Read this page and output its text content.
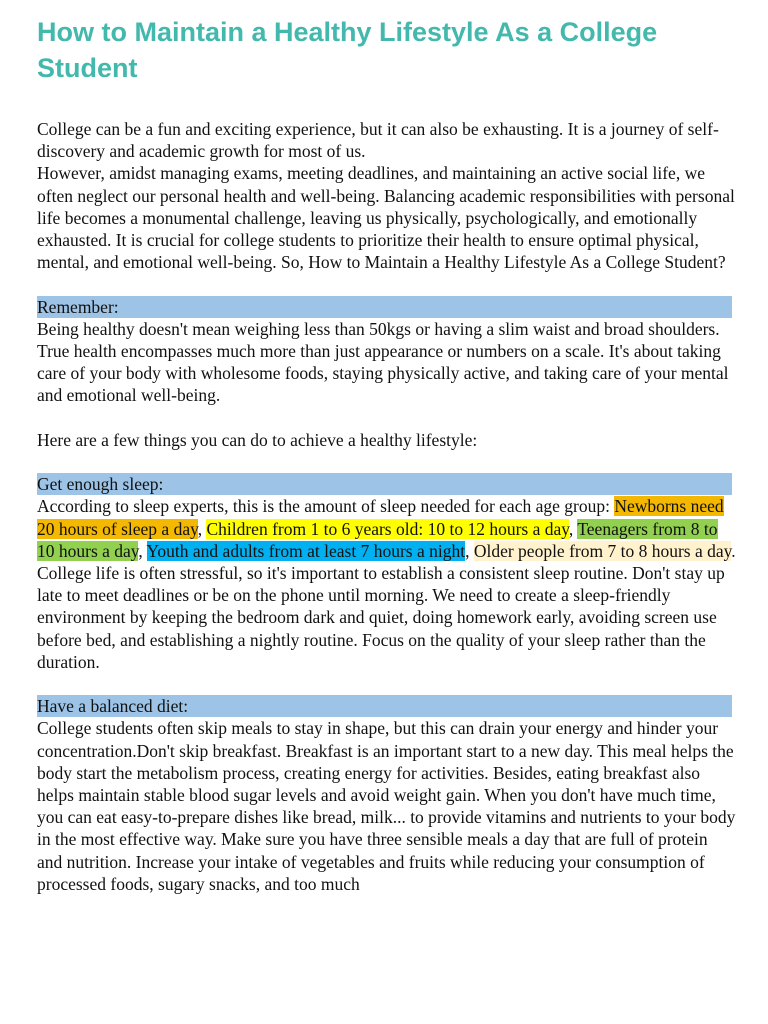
How to Maintain a Healthy Lifestyle As a College Student

College can be a fun and exciting experience, but it can also be exhausting. It is a journey of self-discovery and academic growth for most of us.

However, amidst managing exams, meeting deadlines, and maintaining an active social life, we often neglect our personal health and well-being. Balancing academic responsibilities with personal life becomes a monumental challenge, leaving us physically, psychologically, and emotionally exhausted. It is crucial for college students to prioritize their health to ensure optimal physical, mental, and emotional well-being. So, How to Maintain a Healthy Lifestyle As a College Student?

Remember:

Being healthy doesn't mean weighing less than 50kgs or having a slim waist and broad shoulders. True health encompasses much more than just appearance or numbers on a scale. It's about taking care of your body with wholesome foods, staying physically active, and taking care of your mental and emotional well-being.

Here are a few things you can do to achieve a healthy lifestyle:

Get enough sleep:

According to sleep experts, this is the amount of sleep needed for each age group: Newborns need 20 hours of sleep a day, Children from 1 to 6 years old: 10 to 12 hours a day, Teenagers from 8 to 10 hours a day, Youth and adults from at least 7 hours a night, Older people from 7 to 8 hours a day. College life is often stressful, so it's important to establish a consistent sleep routine. Don't stay up late to meet deadlines or be on the phone until morning. We need to create a sleep-friendly environment by keeping the bedroom dark and quiet, doing homework early, avoiding screen use before bed, and establishing a nightly routine. Focus on the quality of your sleep rather than the duration.

Have a balanced diet:

College students often skip meals to stay in shape, but this can drain your energy and hinder your concentration.Don't skip breakfast. Breakfast is an important start to a new day. This meal helps the body start the metabolism process, creating energy for activities. Besides, eating breakfast also helps maintain stable blood sugar levels and avoid weight gain. When you don't have much time, you can eat easy-to-prepare dishes like bread, milk... to provide vitamins and nutrients to your body in the most effective way. Make sure you have three sensible meals a day that are full of protein and nutrition. Increase your intake of vegetables and fruits while reducing your consumption of processed foods, sugary snacks, and too much
